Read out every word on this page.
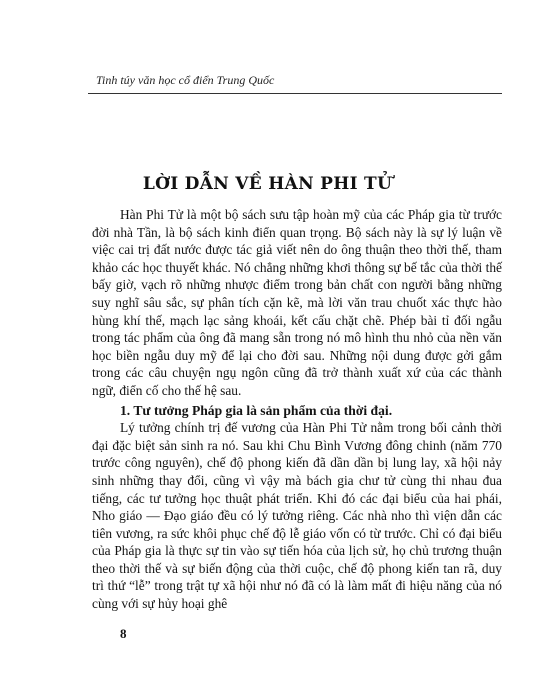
Tinh túy văn học cổ điển Trung Quốc
LỜI DẪN VỀ HÀN PHI TỬ

Hàn Phi Tử là một bộ sách sưu tập hoàn mỹ của các Pháp gia từ trước đời nhà Tần, là bộ sách kinh điển quan trọng. Bộ sách này là sự lý luận về việc cai trị đất nước được tác giả viết nên do ông thuận theo thời thế, tham khảo các học thuyết khác. Nó chẳng những khơi thông sự bế tắc của thời thế bấy giờ, vạch rõ những nhược điểm trong bản chất con người bằng những suy nghĩ sâu sắc, sự phân tích cặn kẽ, mà lời văn trau chuốt xác thực hào hùng khí thế, mạch lạc sảng khoái, kết cấu chặt chẽ. Phép bài tỉ đối ngẫu trong tác phẩm của ông đã mang sẵn trong nó mô hình thu nhỏ của nền văn học biền ngẫu duy mỹ để lại cho đời sau. Những nội dung được gởi gắm trong các câu chuyện ngụ ngôn cũng đã trở thành xuất xứ của các thành ngữ, điển cố cho thế hệ sau.

1. Tư tưởng Pháp gia là sản phẩm của thời đại.

Lý tưởng chính trị đế vương của Hàn Phi Tử nằm trong bối cảnh thời đại đặc biệt sản sinh ra nó. Sau khi Chu Bình Vương đông chinh (năm 770 trước công nguyên), chế độ phong kiến đã dần dần bị lung lay, xã hội nảy sinh những thay đổi, cũng vì vậy mà bách gia chư tử cùng thi nhau đua tiếng, các tư tưởng học thuật phát triển. Khi đó các đại biểu của hai phái, Nho giáo — Đạo giáo đều có lý tưởng riêng. Các nhà nho thì viện dẫn các tiên vương, ra sức khôi phục chế độ lễ giáo vốn có từ trước. Chỉ có đại biểu của Pháp gia là thực sự tin vào sự tiến hóa của lịch sử, họ chủ trương thuận theo thời thế và sự biến động của thời cuộc, chế độ phong kiến tan rã, duy trì thứ “lễ” trong trật tự xã hội như nó đã có là làm mất đi hiệu năng của nó cùng với sự hủy hoại ghê

8
